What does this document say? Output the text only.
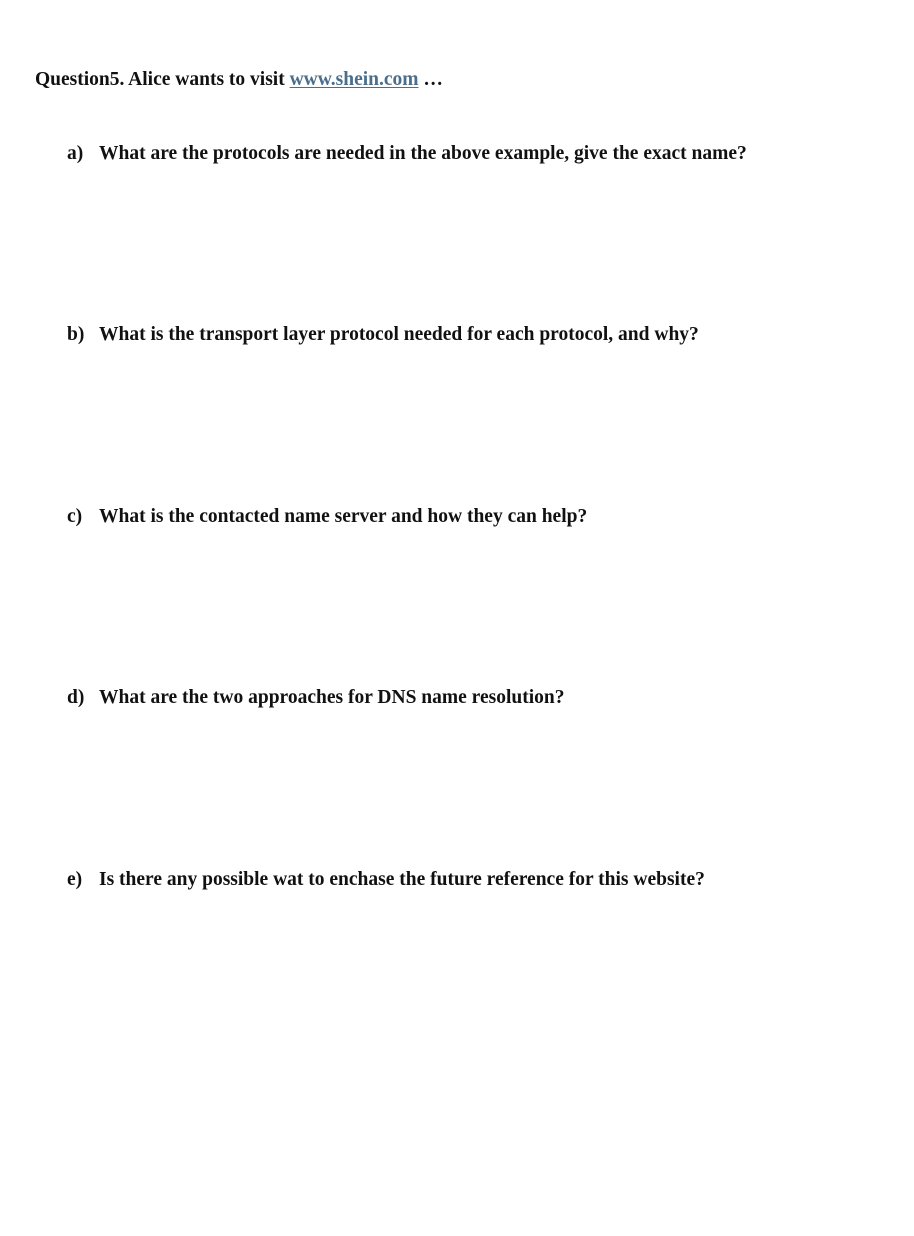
Question5. Alice wants to visit www.shein.com …
a) What are the protocols are needed in the above example, give the exact name?
b) What is the transport layer protocol needed for each protocol, and why?
c) What is the contacted name server and how they can help?
d) What are the two approaches for DNS name resolution?
e) Is there any possible wat to enchase the future reference for this website?
